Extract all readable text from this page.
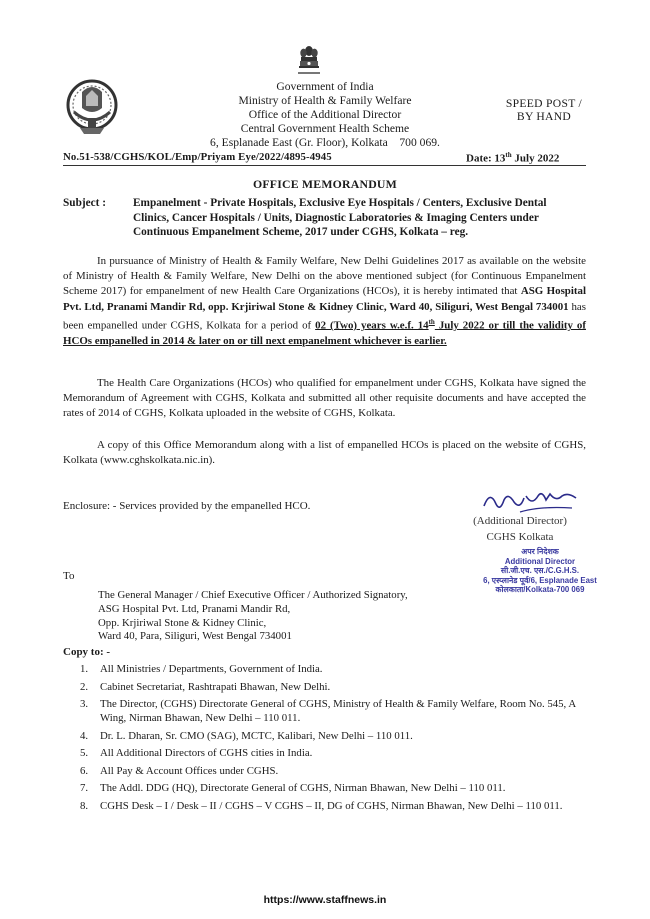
Government of India
Ministry of Health & Family Welfare
Office of the Additional Director
Central Government Health Scheme
6, Esplanade East (Gr. Floor), Kolkata    700 069.
SPEED POST /
BY HAND
No.51-538/CGHS/KOL/Emp/Priyam Eye/2022/4895-4945	Date: 13th July 2022
OFFICE MEMORANDUM
Subject : Empanelment - Private Hospitals, Exclusive Eye Hospitals / Centers, Exclusive Dental
Clinics, Cancer Hospitals / Units, Diagnostic Laboratories & Imaging Centers under
Continuous Empanelment Scheme, 2017 under CGHS, Kolkata – reg.

In pursuance of Ministry of Health & Family Welfare, New Delhi Guidelines 2017 as available on the website of Ministry of Health & Family Welfare, New Delhi on the above mentioned subject (for Continuous Empanelment Scheme 2017) for empanelment of new Health Care Organizations (HCOs), it is hereby intimated that ASG Hospital Pvt. Ltd, Pranami Mandir Rd, opp. Krjiriwal Stone & Kidney Clinic, Ward 40, Siliguri, West Bengal 734001 has been empanelled under CGHS, Kolkata for a period of 02 (Two) years w.e.f. 14th July 2022 or till the validity of HCOs empanelled in 2014 & later on or till next empanelment whichever is earlier.

The Health Care Organizations (HCOs) who qualified for empanelment under CGHS, Kolkata have signed the Memorandum of Agreement with CGHS, Kolkata and submitted all other requisite documents and have accepted the rates of 2014 of CGHS, Kolkata uploaded in the website of CGHS, Kolkata.

A copy of this Office Memorandum along with a list of empanelled HCOs is placed on the website of CGHS, Kolkata (www.cghskolkata.nic.in).

Enclosure: - Services provided by the empanelled HCO.
(Additional Director)
CGHS Kolkata
अपर निदेशक
Additional Director
सी.जी.एच. एस./C.G.H.S.
6, एस्प्लानेड पूर्व/6, Esplanade East
कोलकाता/Kolkata-700 069
To
The General Manager / Chief Executive Officer / Authorized Signatory,
ASG Hospital Pvt. Ltd, Pranami Mandir Rd,
Opp. Krjiriwal Stone & Kidney Clinic,
Ward 40, Para, Siliguri, West Bengal 734001
Copy to: -
1.	All Ministries / Departments, Government of India.
2.	Cabinet Secretariat, Rashtrapati Bhawan, New Delhi.
3.	The Director, (CGHS) Directorate General of CGHS, Ministry of Health & Family Welfare, Room No. 545, A Wing, Nirman Bhawan, New Delhi – 110 011.
4.	Dr. L. Dharan, Sr. CMO (SAG), MCTC, Kalibari, New Delhi – 110 011.
5.	All Additional Directors of CGHS cities in India.
6.	All Pay & Account Offices under CGHS.
7.	The Addl. DDG (HQ), Directorate General of CGHS, Nirman Bhawan, New Delhi – 110 011.
8.	CGHS Desk – I / Desk – II / CGHS – V CGHS – II, DG of CGHS, Nirman Bhawan, New Delhi – 110 011.
https://www.staffnews.in
